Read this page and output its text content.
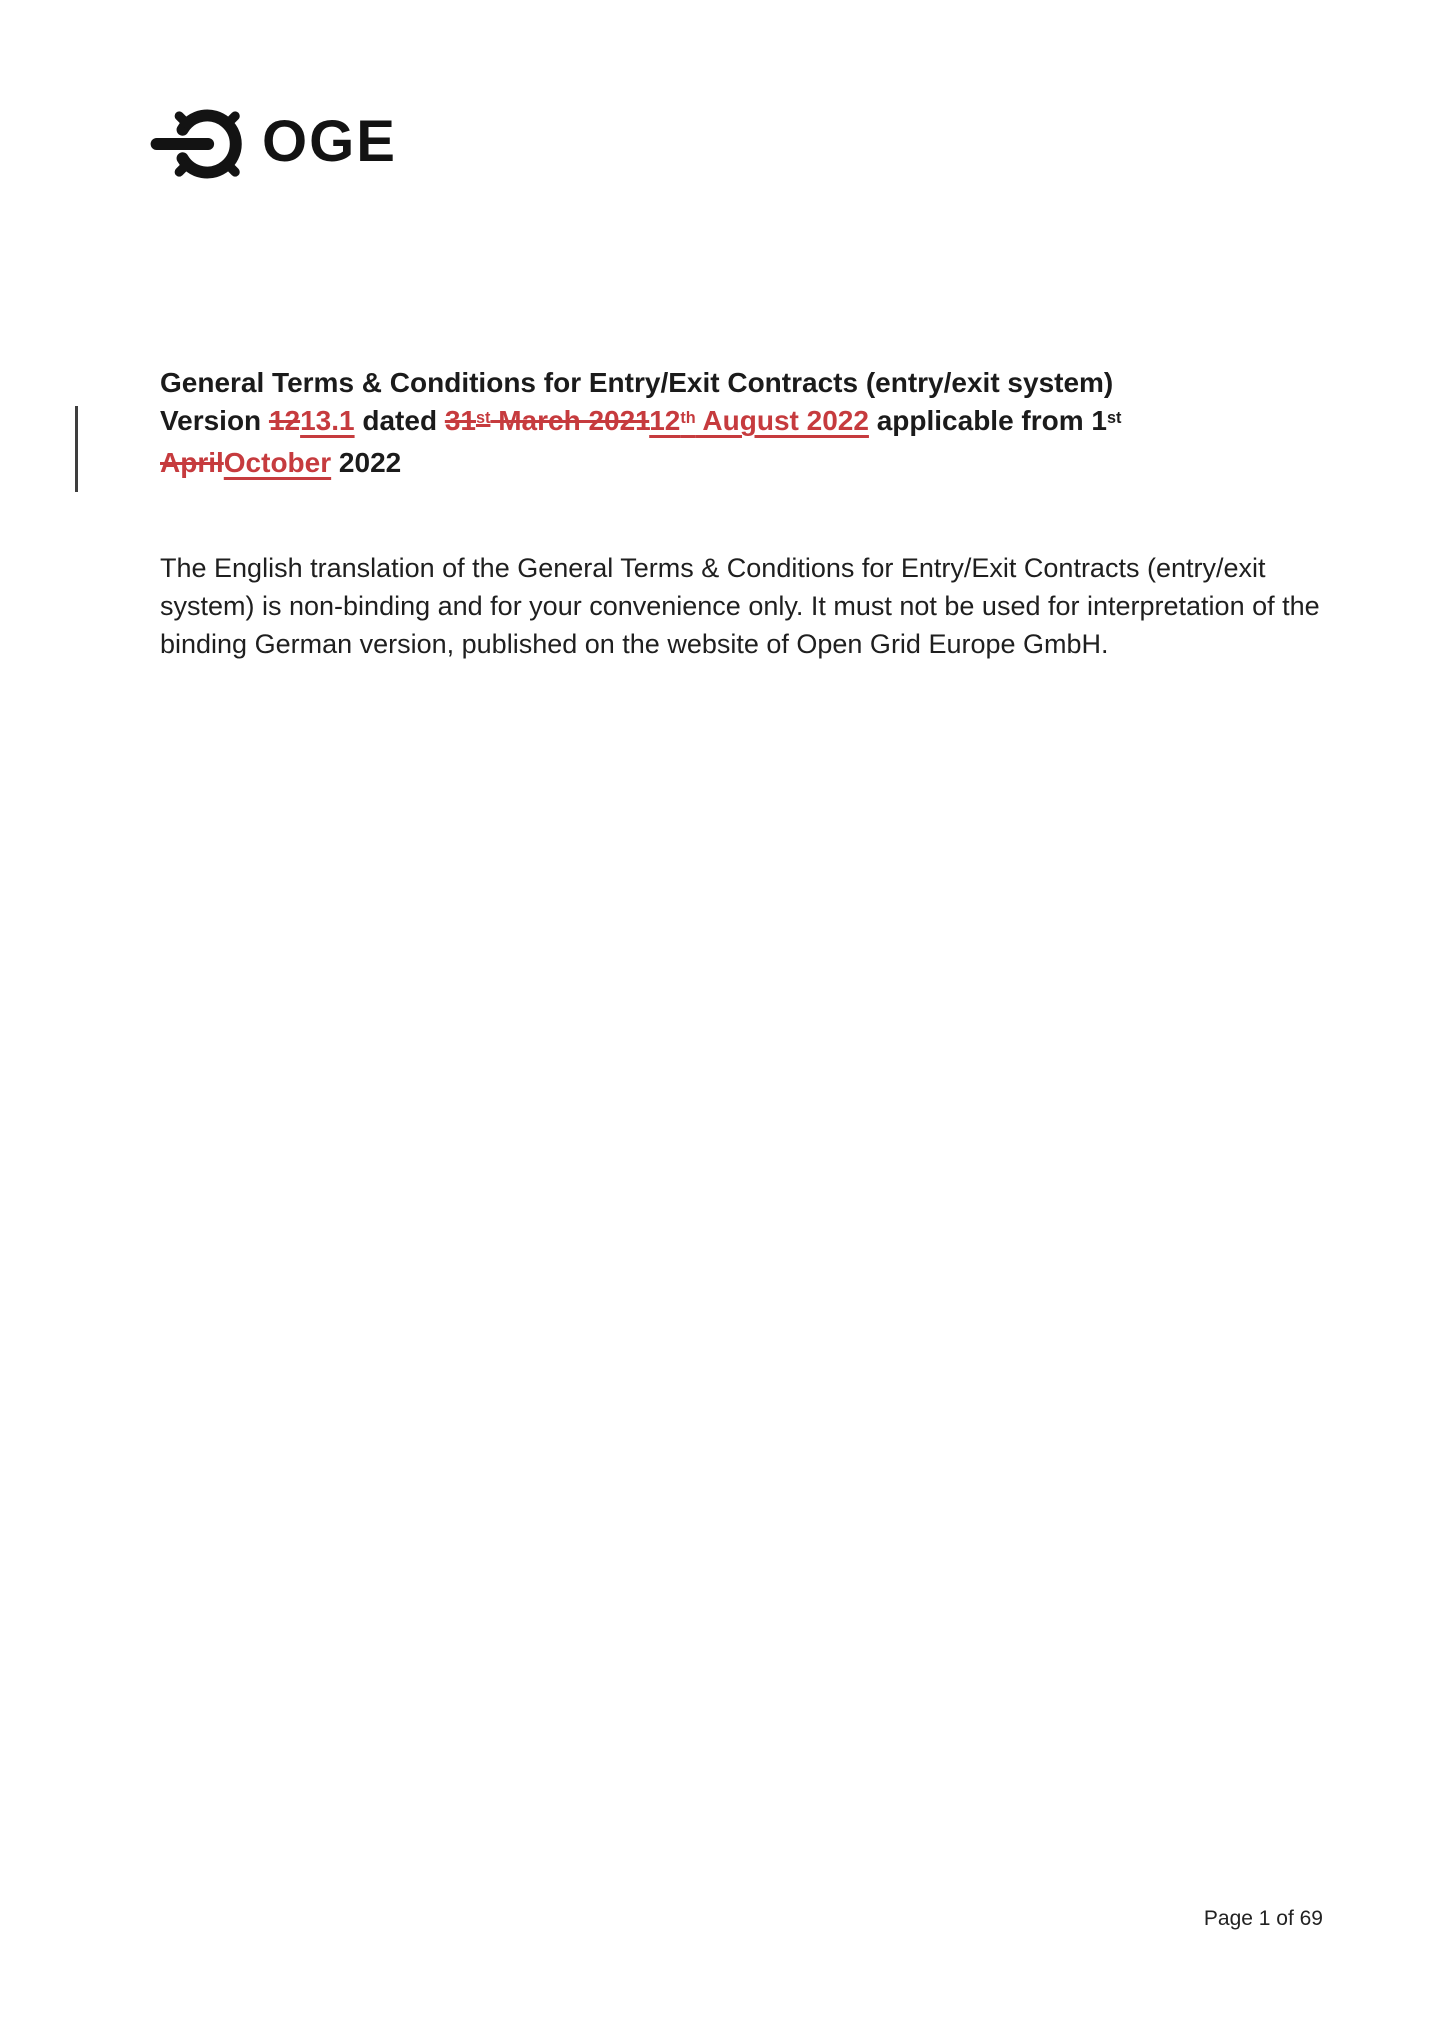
OGE
General Terms & Conditions for Entry/Exit Contracts (entry/exit system)
Version 1213.1 dated 31st March 202112th August 2022 applicable from 1st
AprilOctober 2022

The English translation of the General Terms & Conditions for Entry/Exit Contracts (entry/exit system) is non-binding and for your convenience only. It must not be used for interpretation of the binding German version, published on the website of Open Grid Europe GmbH.

Page 1 of 69
